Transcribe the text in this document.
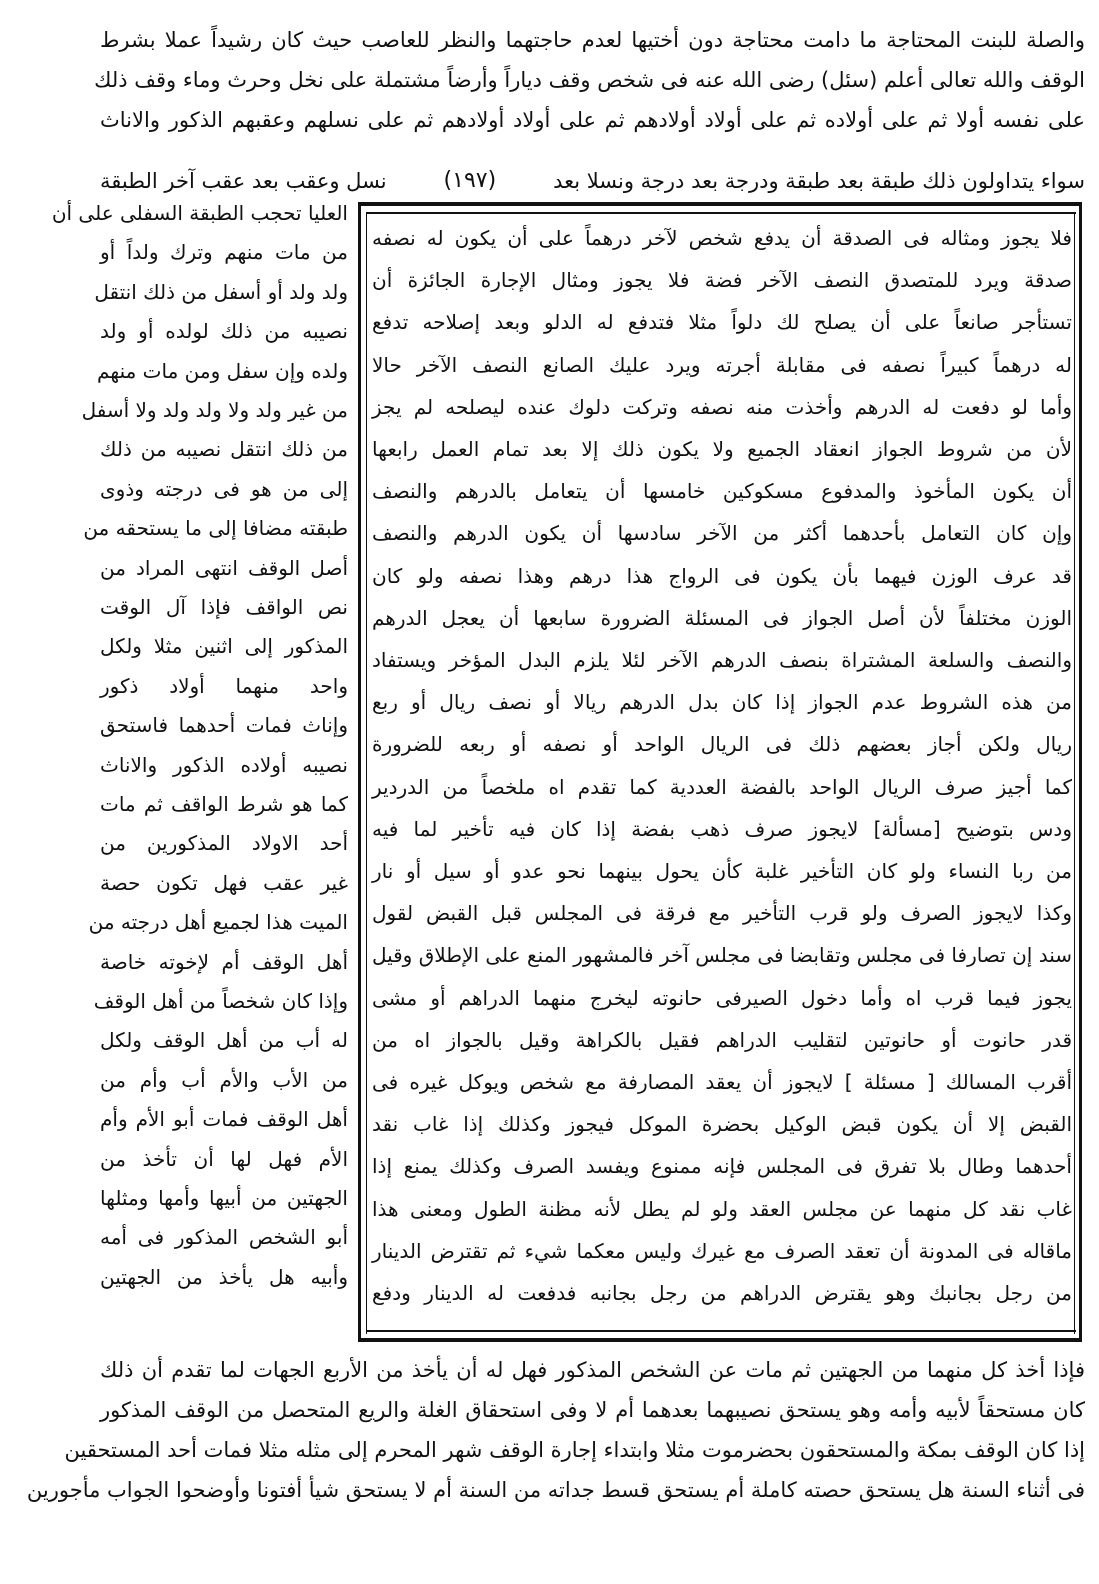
والصلة للبنت المحتاجة ما دامت محتاجة دون أختيها لعدم حاجتهما والنظر للعاصب حيث كان رشيداً عملا بشرط
الوقف والله تعالى أعلم (سئل) رضى الله عنه فى شخص وقف دياراً وأرضاً مشتملة على نخل وحرث وماء وقف ذلك
على نفسه أولا ثم على أولاده ثم على أولاد أولادهم ثم على أولاد أولادهم ثم على نسلهم وعقبهم الذكور والاناث
سواء يتداولون ذلك طبقة بعد طبقة ودرجة بعد درجة ونسلا بعد
(١٩٧)
نسل وعقب بعد عقب آخر الطبقة
فلا يجوز ومثاله فى الصدقة أن يدفع شخص لآخر درهماً على أن يكون له نصفه
صدقة ويرد للمتصدق النصف الآخر فضة فلا يجوز ومثال الإجارة الجائزة أن
تستأجر صانعاً على أن يصلح لك دلواً مثلا فتدفع له الدلو وبعد إصلاحه تدفع
له درهماً كبيراً نصفه فى مقابلة أجرته ويرد عليك الصانع النصف الآخر حالا
وأما لو دفعت له الدرهم وأخذت منه نصفه وتركت دلوك عنده ليصلحه لم يجز
لأن من شروط الجواز انعقاد الجميع ولا يكون ذلك إلا بعد تمام العمل رابعها
أن يكون المأخوذ والمدفوع مسكوكين خامسها أن يتعامل بالدرهم والنصف
وإن كان التعامل بأحدهما أكثر من الآخر سادسها أن يكون الدرهم والنصف
قد عرف الوزن فيهما بأن يكون فى الرواج هذا درهم وهذا نصفه ولو كان
الوزن مختلفاً لأن أصل الجواز فى المسئلة الضرورة سابعها أن يعجل الدرهم
والنصف والسلعة المشتراة بنصف الدرهم الآخر لئلا يلزم البدل المؤخر ويستفاد
من هذه الشروط عدم الجواز إذا كان بدل الدرهم ريالا أو نصف ريال أو ربع
ريال ولكن أجاز بعضهم ذلك فى الريال الواحد أو نصفه أو ربعه للضرورة
كما أجيز صرف الريال الواحد بالفضة العددية كما تقدم اه ملخصاً من الدردير
ودس بتوضيح [مسألة] لايجوز صرف ذهب بفضة إذا كان فيه تأخير لما فيه
من ربا النساء ولو كان التأخير غلبة كأن يحول بينهما نحو عدو أو سيل أو نار
وكذا لايجوز الصرف ولو قرب التأخير مع فرقة فى المجلس قبل القبض لقول
سند إن تصارفا فى مجلس وتقابضا فى مجلس آخر فالمشهور المنع على الإطلاق وقيل
يجوز فيما قرب اه وأما دخول الصيرفى حانوته ليخرج منهما الدراهم أو مشى
قدر حانوت أو حانوتين لتقليب الدراهم فقيل بالكراهة وقيل بالجواز اه من
أقرب المسالك [ مسئلة ] لايجوز أن يعقد المصارفة مع شخص ويوكل غيره فى
القبض إلا أن يكون قبض الوكيل بحضرة الموكل فيجوز وكذلك إذا غاب نقد
أحدهما وطال بلا تفرق فى المجلس فإنه ممنوع ويفسد الصرف وكذلك يمنع إذا
غاب نقد كل منهما عن مجلس العقد ولو لم يطل لأنه مظنة الطول ومعنى هذا
ماقاله فى المدونة أن تعقد الصرف مع غيرك وليس معكما شيء ثم تقترض الدينار
من رجل بجانبك وهو يقترض الدراهم من رجل بجانبه فدفعت له الدينار ودفع
العليا تحجب الطبقة السفلى على أن
من مات منهم وترك ولداً أو
ولد ولد أو أسفل من ذلك انتقل
نصيبه من ذلك لولده أو ولد
ولده وإن سفل ومن مات منهم
من غير ولد ولا ولد ولد ولا أسفل
من ذلك انتقل نصيبه من ذلك
إلى من هو فى درجته وذوى
طبقته مضافا إلى ما يستحقه من
أصل الوقف انتهى المراد من
نص الواقف فإذا آل الوقت
المذكور إلى اثنين مثلا ولكل
واحد منهما أولاد ذكور
وإناث فمات أحدهما فاستحق
نصيبه أولاده الذكور والاناث
كما هو شرط الواقف ثم مات
أحد الاولاد المذكورين من
غير عقب فهل تكون حصة
الميت هذا لجميع أهل درجته من
أهل الوقف أم لإخوته خاصة
وإذا كان شخصاً من أهل الوقف
له أب من أهل الوقف ولكل
من الأب والأم أب وأم من
أهل الوقف فمات أبو الأم وأم
الأم فهل لها أن تأخذ من
الجهتين من أبيها وأمها ومثلها
أبو الشخص المذكور فى أمه
وأبيه هل يأخذ من الجهتين
فإذا أخذ كل منهما من الجهتين ثم مات عن الشخص المذكور فهل له أن يأخذ من الأربع الجهات لما تقدم أن ذلك
كان مستحقاً لأبيه وأمه وهو يستحق نصيبهما بعدهما أم لا وفى استحقاق الغلة والريع المتحصل من الوقف المذكور
إذا كان الوقف بمكة والمستحقون بحضرموت مثلا وابتداء إجارة الوقف شهر المحرم إلى مثله مثلا فمات أحد المستحقين
فى أثناء السنة هل يستحق حصته كاملة أم يستحق قسط جداته من السنة أم لا يستحق شيأ أفتونا وأوضحوا الجواب مأجورين
